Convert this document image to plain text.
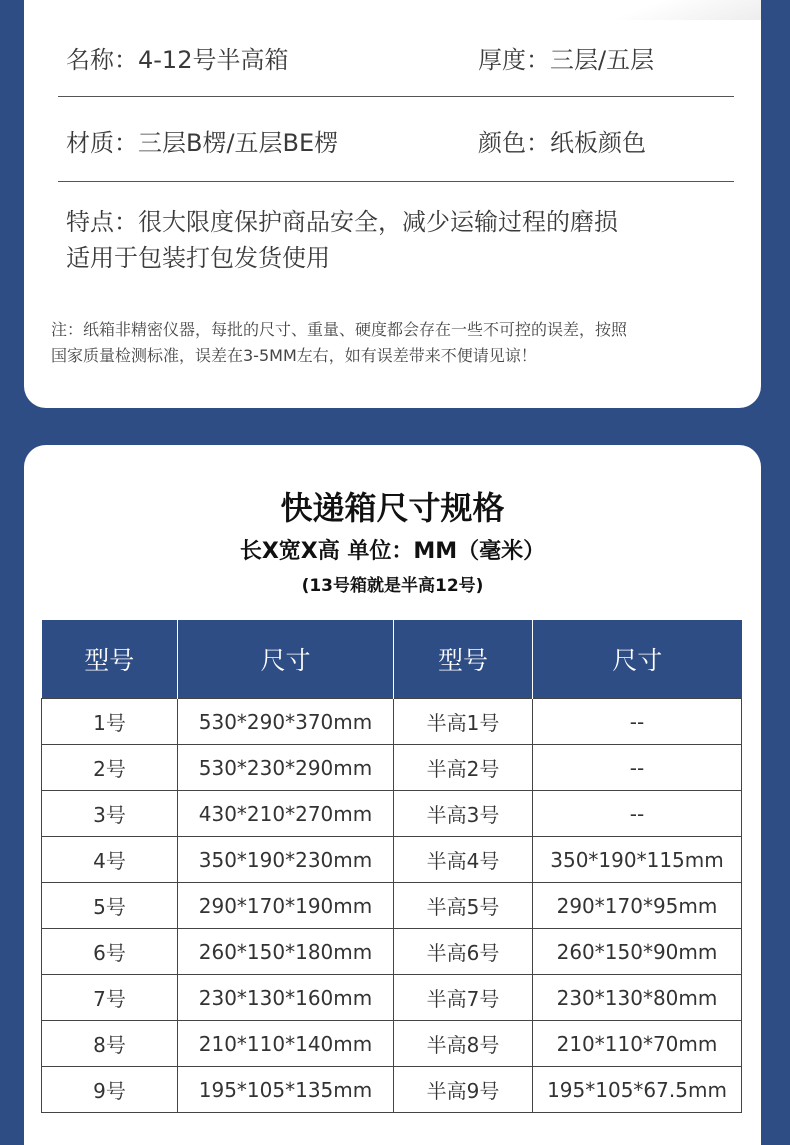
名称：4-12号半高箱	厚度：三层/五层
材质：三层B楞/五层BE楞	颜色：纸板颜色
特点：很大限度保护商品安全，减少运输过程的磨损
适用于包装打包发货使用
注：纸箱非精密仪器，每批的尺寸、重量、硬度都会存在一些不可控的误差，按照
国家质量检测标准，误差在3-5MM左右，如有误差带来不便请见谅！
快递箱尺寸规格
长X宽X高 单位：MM（毫米）
(13号箱就是半高12号)
型号	尺寸	型号	尺寸
1号	530*290*370mm	半高1号	--
2号	530*230*290mm	半高2号	--
3号	430*210*270mm	半高3号	--
4号	350*190*230mm	半高4号	350*190*115mm
5号	290*170*190mm	半高5号	290*170*95mm
6号	260*150*180mm	半高6号	260*150*90mm
7号	230*130*160mm	半高7号	230*130*80mm
8号	210*110*140mm	半高8号	210*110*70mm
9号	195*105*135mm	半高9号	195*105*67.5mm
